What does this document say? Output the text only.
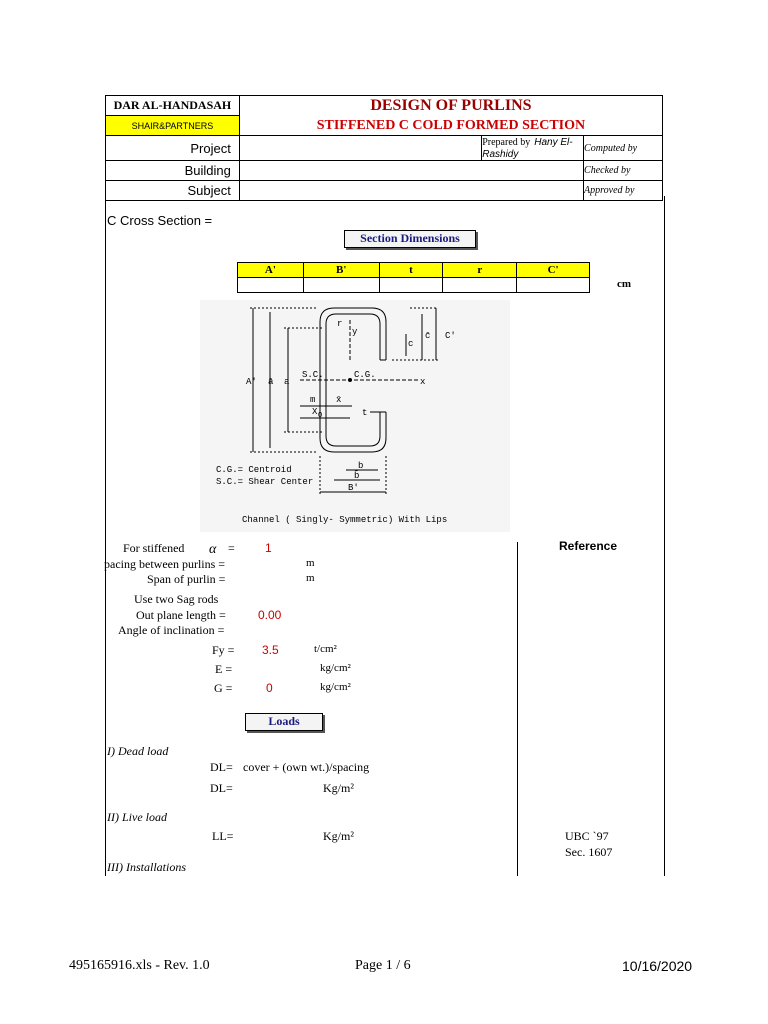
DAR AL-HANDASAH	DESIGN OF PURLINS
STIFFENED C COLD FORMED SECTION		

SHAIR&PARTNERS			
Project		Prepared by Hany El-Rashidy	Computed by
Building			Checked by
Subject			Approved by
C Cross Section =
Section Dimensions
A'	B'	t	r	C'

cm
r
y	c̄ C'
c
A' ā a
S.C.	C.G.
x
m x̄
X O	t
b
b̄
B'
C.G.= Centroid
S.C.= Shear Center
Channel ( Singly- Symmetric) With Lips
Reference
For stiffened α =	1
pacing between purlins =	m
Span of purlin =	m
Use two Sag rods
Out plane length =	0.00
Angle of inclination =
Fy = 3.5	t/cm²
E =	kg/cm²
G =	0	kg/cm²
Loads
I) Dead load
DL= cover + (own wt.)/spacing
DL=	Kg/m²
II) Live load
LL=	Kg/m²	UBC `97
Sec. 1607
III) Installations
495165916.xls - Rev. 1.0	Page 1 / 6	10/16/2020
